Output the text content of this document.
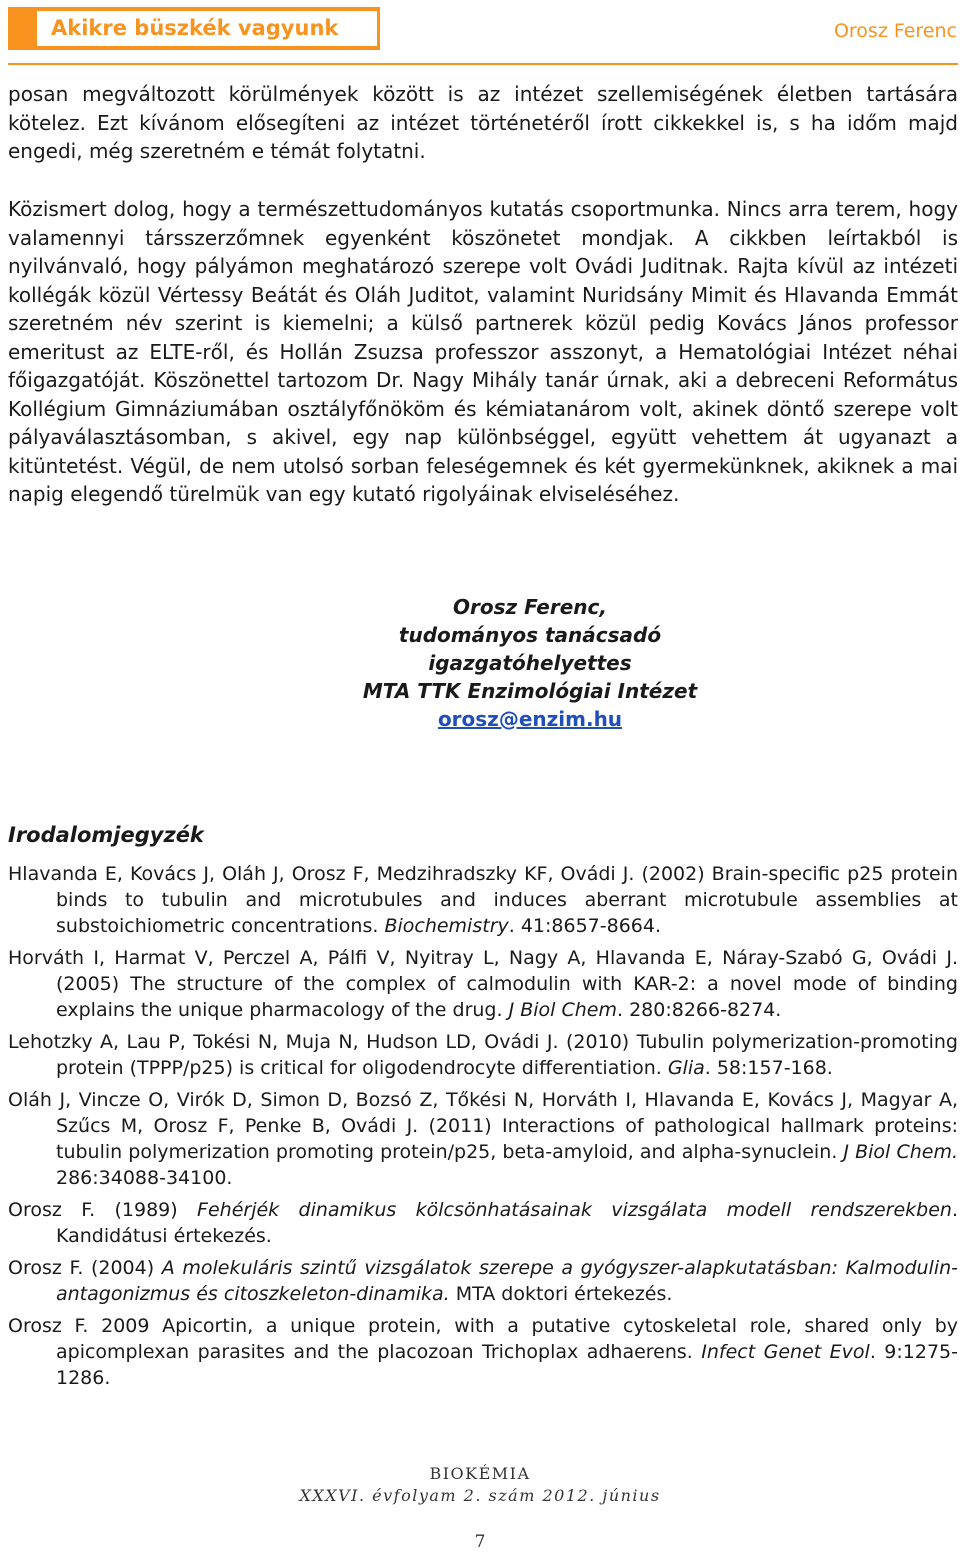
Akikre büszkék vagyunk	Orosz Ferenc

posan megváltozott körülmények között is az intézet szellemiségének életben tartására kötelez. Ezt kívánom elősegíteni az intézet történetéről írott cikkekkel is, s ha időm majd engedi, még szeretném e témát folytatni.

Közismert dolog, hogy a természettudományos kutatás csoportmunka. Nincs arra terem, hogy valamennyi társszerzőmnek egyenként köszönetet mondjak. A cikkben leírtakból is nyilvánvaló, hogy pályámon meghatározó szerepe volt Ovádi Juditnak. Rajta kívül az intézeti kollégák közül Vértessy Beátát és Oláh Juditot, valamint Nuridsány Mimit és Hlavanda Emmát szeretném név szerint is kiemelni; a külső partnerek közül pedig Kovács János professor emeritust az ELTE-ről, és Hollán Zsuzsa professzor asszonyt, a Hematológiai Intézet néhai főigazgatóját. Köszönettel tartozom Dr. Nagy Mihály tanár úrnak, aki a debreceni Református Kollégium Gimnáziumában osztályfőnököm és kémiatanárom volt, akinek döntő szerepe volt pályaválasztásomban, s akivel, egy nap különbséggel, együtt vehettem át ugyanazt a kitüntetést. Végül, de nem utolsó sorban feleségemnek és két gyermekünknek, akiknek a mai napig elegendő türelmük van egy kutató rigolyáinak elviseléséhez.

Orosz Ferenc,
tudományos tanácsadó
igazgatóhelyettes
MTA TTK Enzimológiai Intézet
orosz@enzim.hu
Irodalomjegyzék
Hlavanda E, Kovács J, Oláh J, Orosz F, Medzihradszky KF, Ovádi J. (2002) Brain-specific p25 protein binds to tubulin and microtubules and induces aberrant microtubule assemblies at substoichiometric concentrations. Biochemistry. 41:8657-8664.
Horváth I, Harmat V, Perczel A, Pálfi V, Nyitray L, Nagy A, Hlavanda E, Náray-Szabó G, Ovádi J. (2005) The structure of the complex of calmodulin with KAR-2: a novel mode of binding explains the unique pharmacology of the drug. J Biol Chem. 280:8266-8274.
Lehotzky A, Lau P, Tokési N, Muja N, Hudson LD, Ovádi J. (2010) Tubulin polymerization-promoting protein (TPPP/p25) is critical for oligodendrocyte differentiation. Glia. 58:157-168.
Oláh J, Vincze O, Virók D, Simon D, Bozsó Z, Tőkési N, Horváth I, Hlavanda E, Kovács J, Magyar A, Szűcs M, Orosz F, Penke B, Ovádi J. (2011) Interactions of pathological hallmark proteins: tubulin polymerization promoting protein/p25, beta-amyloid, and alpha-synuclein. J Biol Chem. 286:34088-34100.
Orosz F. (1989) Fehérjék dinamikus kölcsönhatásainak vizsgálata modell rendszerekben. Kandidátusi értekezés.
Orosz F. (2004) A molekuláris szintű vizsgálatok szerepe a gyógyszer-alapkutatásban: Kalmodulin-antagonizmus és citoszkeleton-dinamika. MTA doktori értekezés.
Orosz F. 2009 Apicortin, a unique protein, with a putative cytoskeletal role, shared only by apicomplexan parasites and the placozoan Trichoplax adhaerens. Infect Genet Evol. 9:1275-1286.
BIOKÉMIA
XXXVI. évfolyam 2. szám 2012. június
7
